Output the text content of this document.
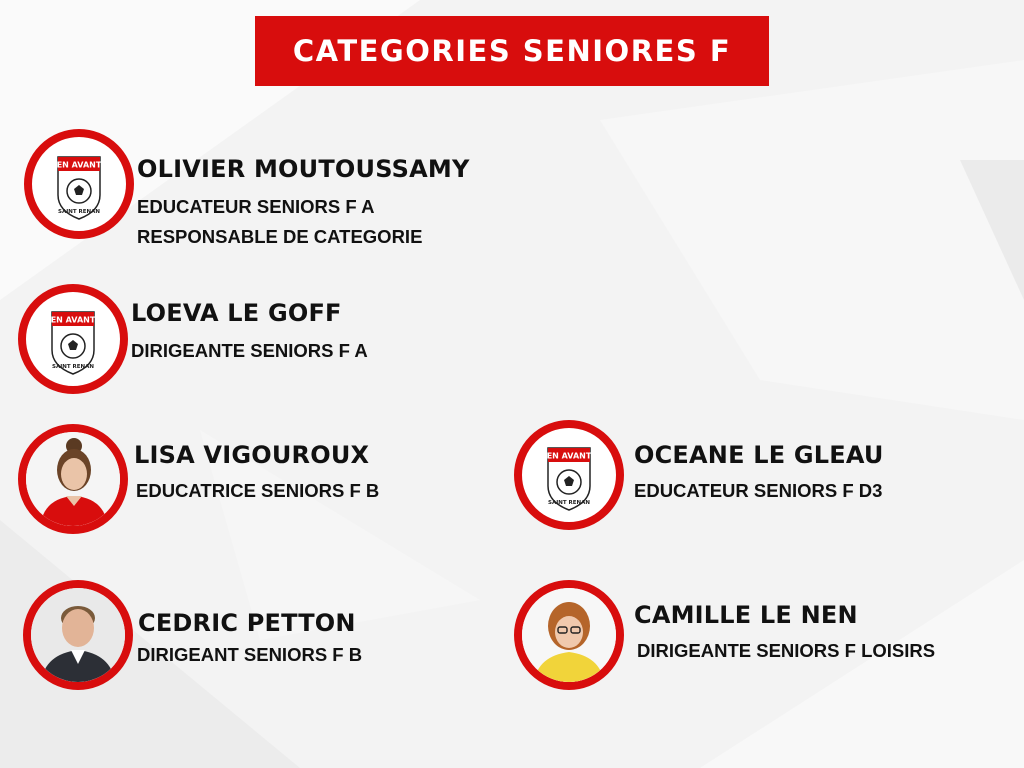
CATEGORIES SENIORES F
EN AVANT
SAINT RENAN
OLIVIER MOUTOUSSAMY
EDUCATEUR SENIORS F A
RESPONSABLE DE CATEGORIE
EN AVANT
SAINT RENAN
LOEVA LE GOFF
DIRIGEANTE SENIORS F A
LISA VIGOUROUX
EDUCATRICE SENIORS F B
EN AVANT
SAINT RENAN
OCEANE LE GLEAU
EDUCATEUR SENIORS F D3
CEDRIC PETTON
DIRIGEANT SENIORS F B
CAMILLE LE NEN
DIRIGEANTE SENIORS F LOISIRS
